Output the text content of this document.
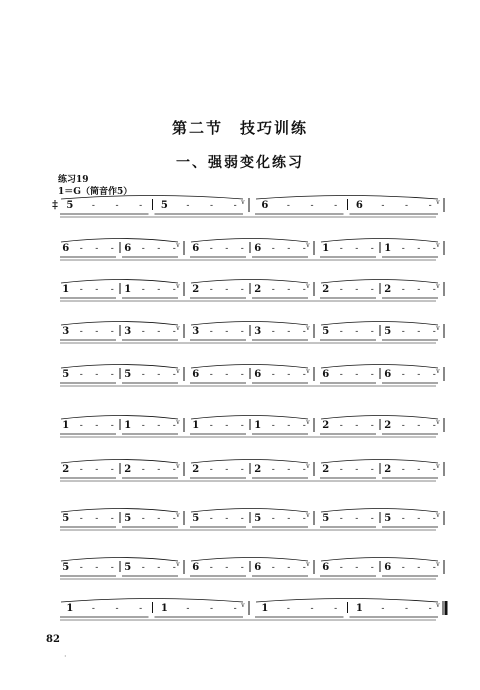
第二节　技巧训练
一、强弱变化练习
练习19
1＝G（筒音作5）
‡ 5 - - - 5 - - - v 6 - - - 6 - - - v
6 - - - 6 - - - v 6 - - - 6 - - - v 1 - - - 1 - - - v
1 - - - 1 - - - v 2 - - - 2 - - - v 2 - - - 2 - - - v
3 - - - 3 - - - v 3 - - - 3 - - - v 5 - - - 5 - - - v
5 - - - 5 - - - v 6 - - - 6 - - - v 6 - - - 6 - - - v
1 - - - 1 - - - v 1 - - - 1 - - - v 2 - - - 2 - - - v
2 - - - 2 - - - v 2 - - - 2 - - - v 2 - - - 2 - - - v
5 - - - 5 - - - v 5 - - - 5 - - - v 5 - - - 5 - - - v
5 - - - 5 - - - v 6 - - - 6 - - - v 6 - - - 6 - - - v
1 - - - 1 - - - v 1 - - - 1 - - - v
82
·
